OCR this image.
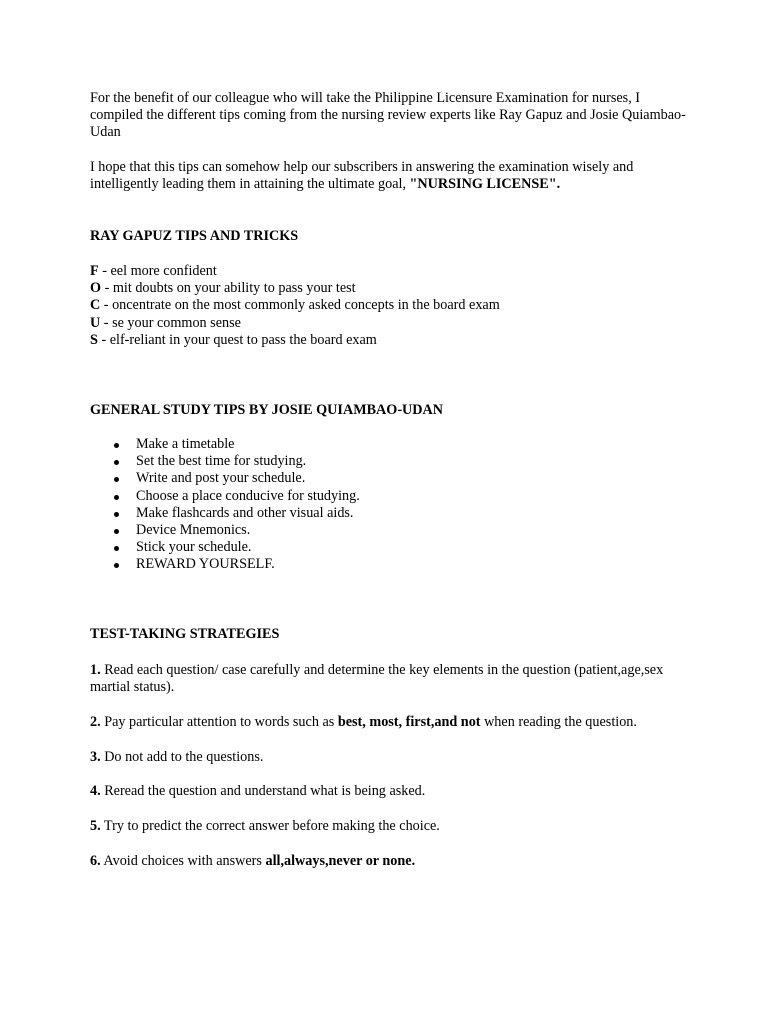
For the benefit of our colleague who will take the Philippine Licensure Examination for nurses, I compiled the different tips coming from the nursing review experts like Ray Gapuz and Josie Quiambao-Udan

I hope that this tips can somehow help our subscribers in answering the examination wisely and intelligently leading them in attaining the ultimate goal, "NURSING LICENSE".

RAY GAPUZ TIPS AND TRICKS

F - eel more confident
O - mit doubts on your ability to pass your test
C - oncentrate on the most commonly asked concepts in the board exam
U - se your common sense
S - elf-reliant in your quest to pass the board exam

GENERAL STUDY TIPS BY JOSIE QUIAMBAO-UDAN

Make a timetable
Set the best time for studying.
Write and post your schedule.
Choose a place conducive for studying.
Make flashcards and other visual aids.
Device Mnemonics.
Stick your schedule.
REWARD YOURSELF.

TEST-TAKING STRATEGIES

1. Read each question/ case carefully and determine the key elements in the question (patient,age,sex martial status).

2. Pay particular attention to words such as best, most, first,and not when reading the question.

3. Do not add to the questions.

4. Reread the question and understand what is being asked.

5. Try to predict the correct answer before making the choice.

6. Avoid choices with answers all,always,never or none.
